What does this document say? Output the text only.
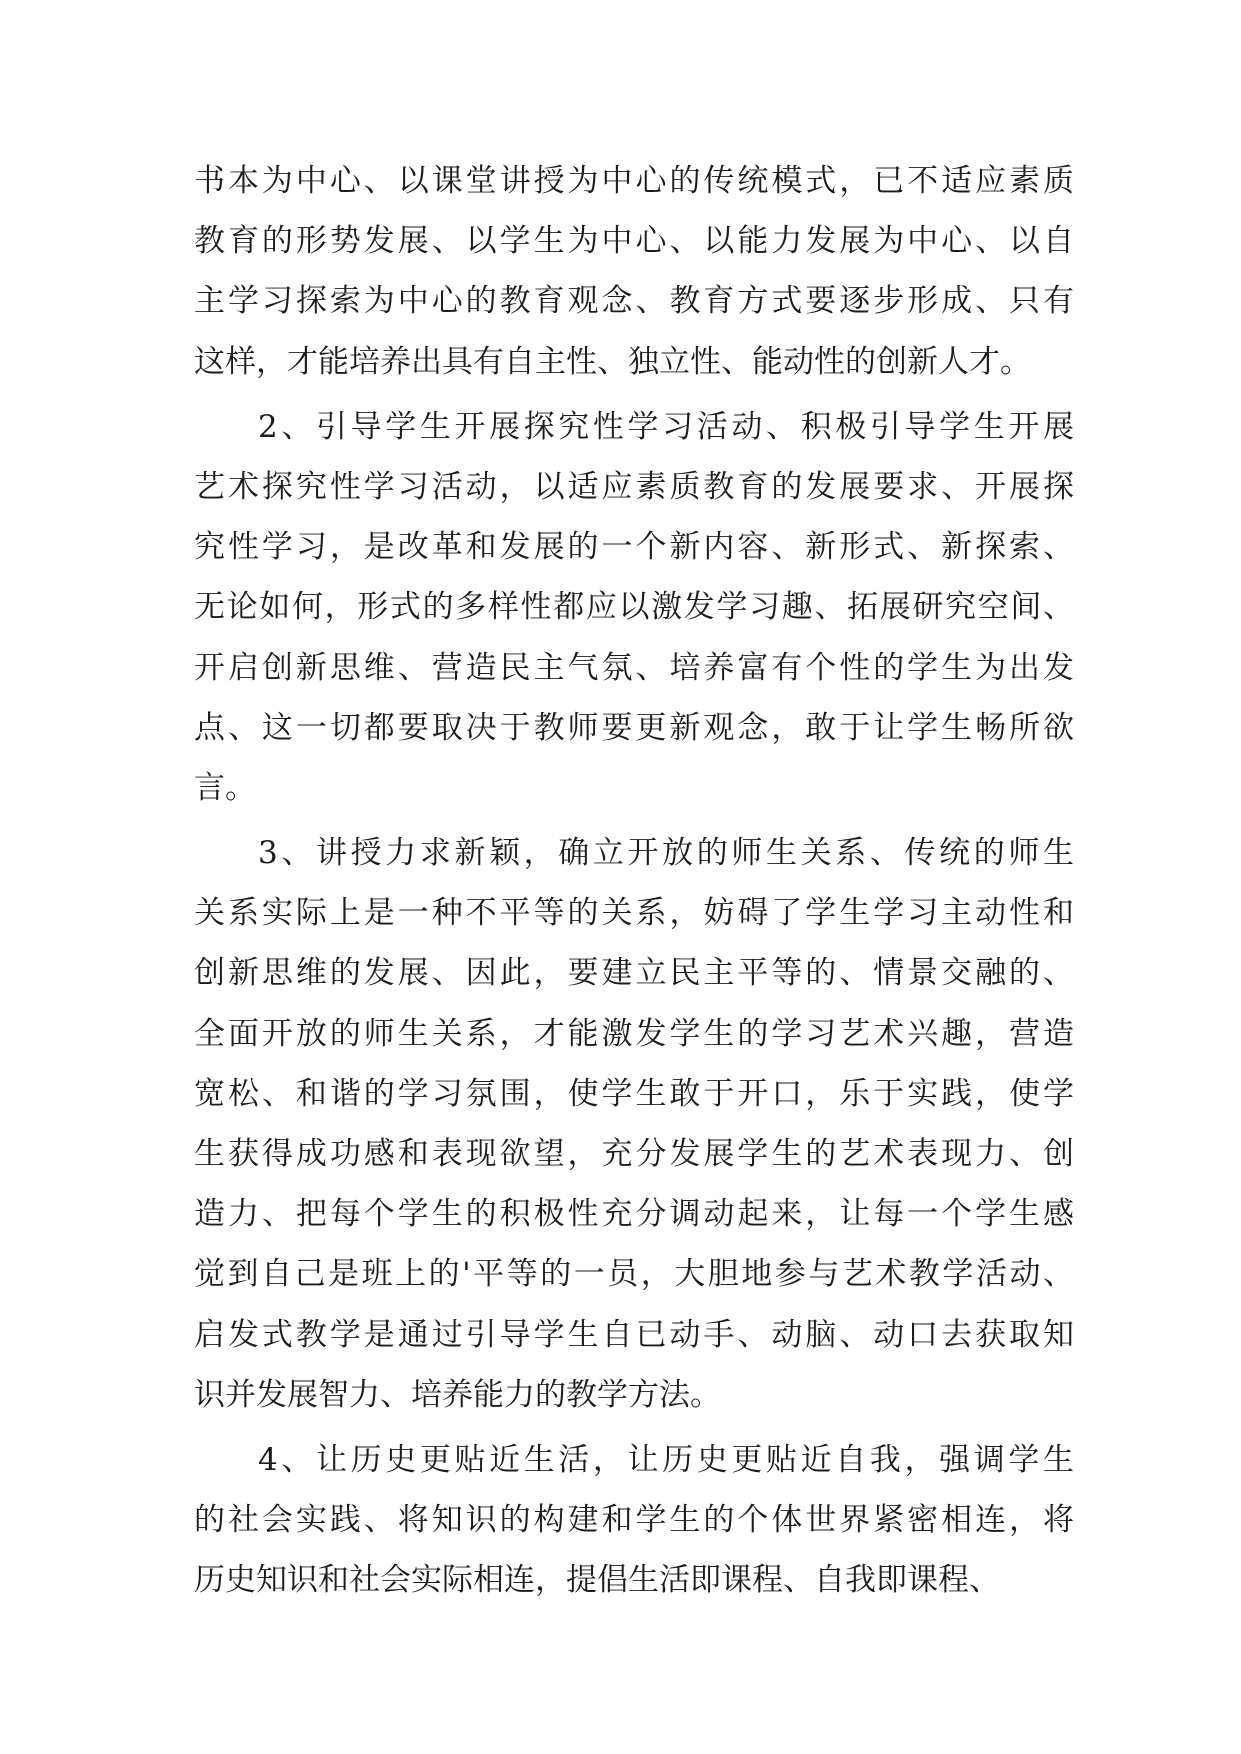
书本为中心、以课堂讲授为中心的传统模式，已不适应素质
教育的形势发展、以学生为中心、以能力发展为中心、以自
主学习探索为中心的教育观念、教育方式要逐步形成、只有
这样，才能培养出具有自主性、独立性、能动性的创新人才。
2、引导学生开展探究性学习活动、积极引导学生开展
艺术探究性学习活动，以适应素质教育的发展要求、开展探
究性学习，是改革和发展的一个新内容、新形式、新探索、
无论如何，形式的多样性都应以激发学习趣、拓展研究空间、
开启创新思维、营造民主气氛、培养富有个性的学生为出发
点、这一切都要取决于教师要更新观念，敢于让学生畅所欲
言。
3、讲授力求新颖，确立开放的师生关系、传统的师生
关系实际上是一种不平等的关系，妨碍了学生学习主动性和
创新思维的发展、因此，要建立民主平等的、情景交融的、
全面开放的师生关系，才能激发学生的学习艺术兴趣，营造
宽松、和谐的学习氛围，使学生敢于开口，乐于实践，使学
生获得成功感和表现欲望，充分发展学生的艺术表现力、创
造力、把每个学生的积极性充分调动起来，让每一个学生感
觉到自己是班上的'平等的一员，大胆地参与艺术教学活动、
启发式教学是通过引导学生自已动手、动脑、动口去获取知
识并发展智力、培养能力的教学方法。
4、让历史更贴近生活，让历史更贴近自我，强调学生
的社会实践、将知识的构建和学生的个体世界紧密相连，将
历史知识和社会实际相连，提倡生活即课程、自我即课程、
